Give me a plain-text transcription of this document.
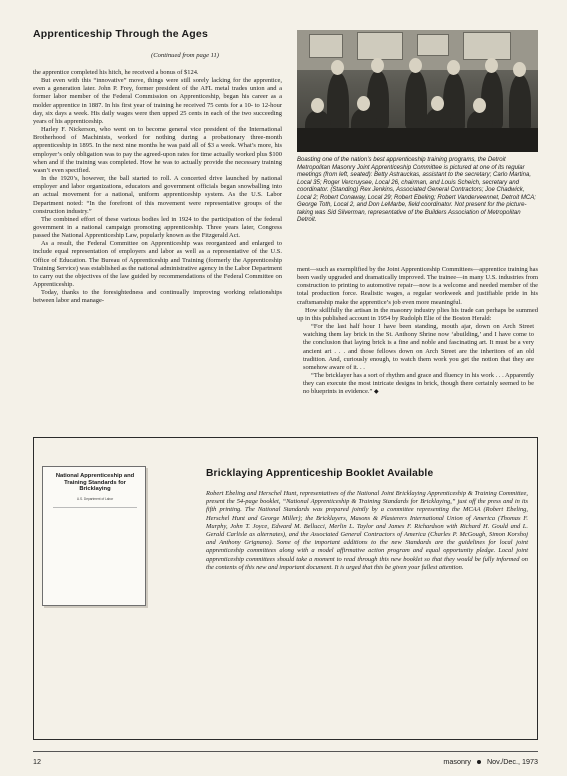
Apprenticeship Through the Ages
(Continued from page 11)

the apprentice completed his hitch, he received a bonus of $124.

But even with this “innovative” move, things were still sorely lacking for the apprentice, even a generation later. John P. Frey, former president of the AFL metal trades union and a former labor member of the Federal Commission on Apprenticeship, began his career as a molder apprentice in 1887. In his first year of training he received 75 cents for a 10- to 12-hour day, six days a week. His daily wages were then upped 25 cents in each of the two succeeding years of his apprenticeship.

Harley F. Nickerson, who went on to become general vice president of the International Brotherhood of Machinists, worked for nothing during a probationary three-month apprenticeship in 1895. In the next nine months he was paid all of $3 a week. What’s more, his employer’s only obligation was to pay the agreed-upon rates for time actually worked plus $100 when and if the training was completed. How he was to actually provide the necessary training wasn’t even specified.

In the 1920’s, however, the ball started to roll. A concerted drive launched by national employer and labor organizations, educators and government officials began snowballing into an actual movement for a national, uniform apprenticeship system. As the U.S. Labor Department noted: “In the forefront of this movement were representative groups of the construction industry.”

The combined effort of these various bodies led in 1924 to the participation of the federal government in a national campaign promoting apprenticeship. Three years later, Congress passed the National Apprenticeship Law, popularly known as the Fitzgerald Act.

As a result, the Federal Committee on Apprenticeship was reorganized and enlarged to include equal representation of employers and labor as well as a representative of the U.S. Office of Education. The Bureau of Apprenticeship and Training (formerly the Apprenticeship Training Service) was established as the national administrative agency in the Labor Department to carry out the objectives of the law guided by recommendations of the Federal Committee on Apprenticeship.

Today, thanks to the foresightedness and continually improving working relationships between labor and manage-

Boasting one of the nation’s best apprenticeship training programs, the Detroit Metropolitan Masonry Joint Apprenticeship Committee is pictured at one of its regular meetings (from left, seated): Betty Astrauckas, assistant to the secretary; Carlo Martina, Local 35; Roger Vercruysee, Local 26, chairman, and Louis Scheich, secretary and coordinator. (Standing) Rex Jenkins, Associated General Contractors; Joe Chadwick, Local 2; Robert Conaway, Local 29; Robert Ebeling; Robert Vanderveennet, Detroit MCA; George Toth, Local 2, and Don LeMarbe, field coordinator. Not present for the picture-taking was Sid Silverman, representative of the Builders Association of Metropolitan Detroit.

ment—such as exemplified by the Joint Apprenticeship Committees—apprentice training has been vastly upgraded and dramatically improved. The trainee—in many U.S. industries from construction to printing to automotive repair—now is a welcome and needed member of the total production force. Realistic wages, a regular workweek and justifiable pride in his craftsmanship make the apprentice’s job even more meaningful.

How skillfully the artisan in the masonry industry plies his trade can perhaps be summed up in this published account in 1954 by Rudolph Elie of the Boston Herald:

“For the last half hour I have been standing, mouth ajar, down on Arch Street watching them lay brick in the St. Anthony Shrine now ‘abuilding,’ and I have come to the conclusion that laying brick is a fine and noble and fascinating art. It must be a very ancient art . . . and those fellows down on Arch Street are the inheritors of an old tradition. And, curiously enough, to watch them work you get the notion that they are somehow aware of it. . .

“The bricklayer has a sort of rhythm and grace and fluency in his work . . . Apparently they can execute the most intricate designs in brick, though there certainly seemed to be no blueprints in evidence.” ◆

National Apprenticeship and Training Standards for Bricklaying
U.S. Department of Labor
Bricklaying Apprenticeship Booklet Available

Robert Ebeling and Herschel Hunt, representatives of the National Joint Bricklaying Apprenticeship & Training Committee, present the 54-page booklet, “National Apprenticeship & Training Standards for Bricklaying,” just off the press and in its fifth printing. The National Standards was prepared jointly by a committee representing the MCAA (Robert Ebeling, Herschel Hunt and George Miller); the Bricklayers, Masons & Plasterers International Union of America (Thomas F. Murphy, John T. Joyce, Edward M. Bellucci, Merlin L. Taylor and James F. Richardson with Richard H. Gould and L. Gerald Carlisle as alternates), and the Associated General Contractors of America (Charles P. McGough, Simon Korshoj and Anthony Grignano). Some of the important additions to the new Standards are the guidelines for local joint apprenticeship committees along with a model affirmative action program and equal opportunity pledge. Local joint apprenticeship committees should take a moment to read through this new booklet so that they would be fully informed on the contents of this new and important document. It is urged that this be given your fullest attention.

12	masonry Nov./Dec., 1973
